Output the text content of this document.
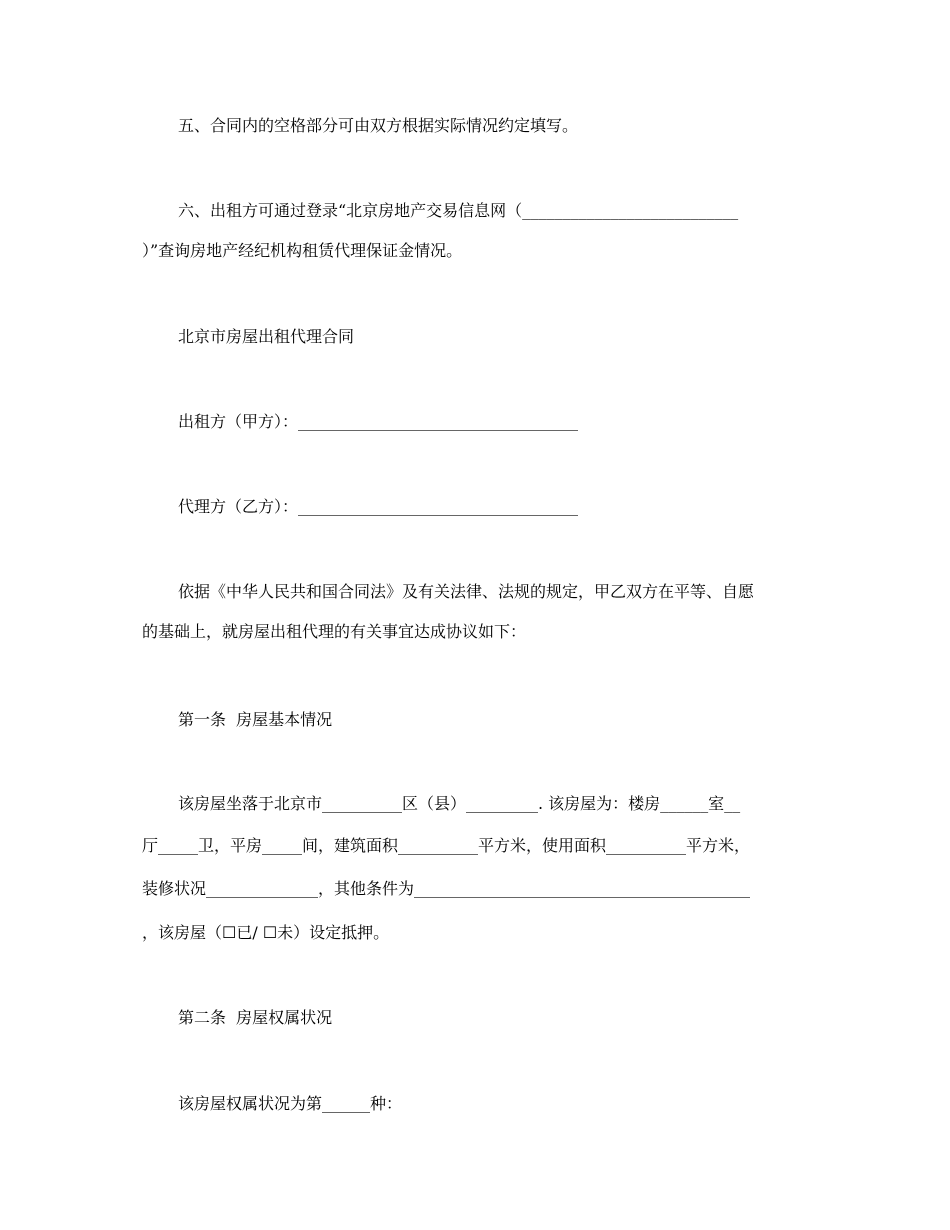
五、合同内的空格部分可由双方根据实际情况约定填写。
六、出租方可通过登录“北京房地产交易信息网（___________________________
）”查询房地产经纪机构租赁代理保证金情况。
北京市房屋出租代理合同
出租方（甲方）：___________________________________
代理方（乙方）：___________________________________
依据《中华人民共和国合同法》及有关法律、法规的规定，甲乙双方在平等、自愿
的基础上，就房屋出租代理的有关事宜达成协议如下：
第一条  房屋基本情况
该房屋坐落于北京市__________区（县）_________. 该房屋为：楼房______室__
厅_____卫，平房_____间，建筑面积__________平方米，使用面积__________平方米，
装修状况______________，其他条件为__________________________________________
，该房屋（☐已/ ☐未）设定抵押。
第二条  房屋权属状况
该房屋权属状况为第______种：
